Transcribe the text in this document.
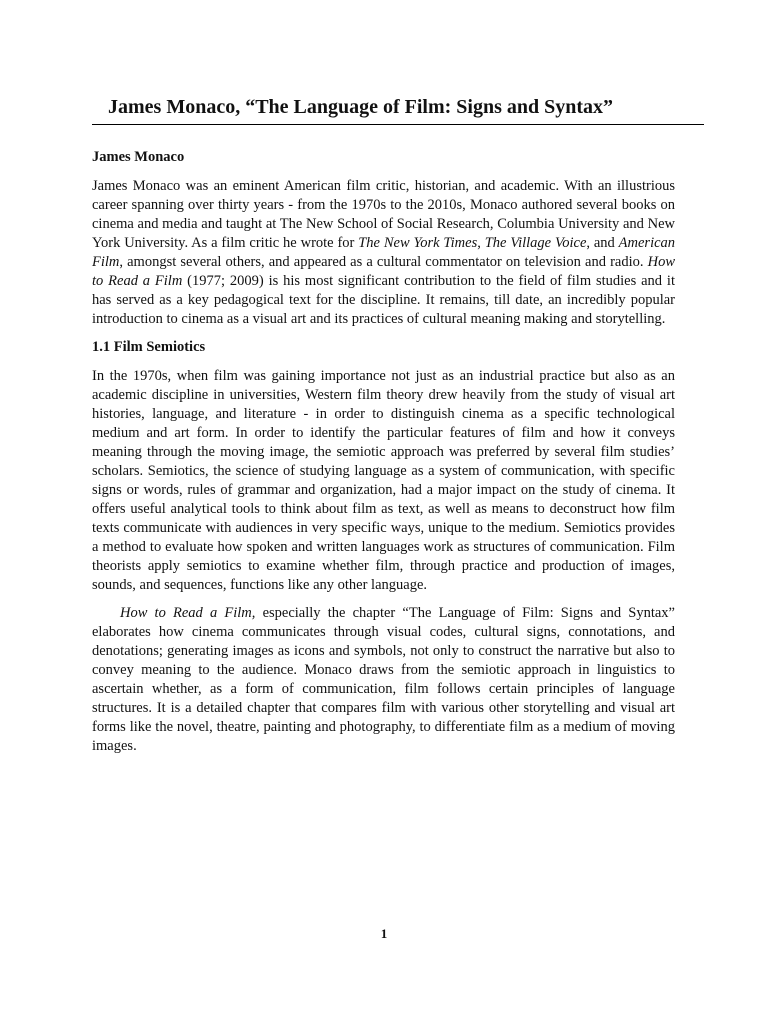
James Monaco, “The Language of Film: Signs and Syntax”
James Monaco

James Monaco was an eminent American film critic, historian, and academic. With an illustrious career spanning over thirty years - from the 1970s to the 2010s, Monaco authored several books on cinema and media and taught at The New School of Social Research, Columbia University and New York University. As a film critic he wrote for The New York Times, The Village Voice, and American Film, amongst several others, and appeared as a cultural commentator on television and radio. How to Read a Film (1977; 2009) is his most significant contribution to the field of film studies and it has served as a key pedagogical text for the discipline. It remains, till date, an incredibly popular introduction to cinema as a visual art and its practices of cultural meaning making and storytelling.

1.1 Film Semiotics

In the 1970s, when film was gaining importance not just as an industrial practice but also as an academic discipline in universities, Western film theory drew heavily from the study of visual art histories, language, and literature - in order to distinguish cinema as a specific technological medium and art form. In order to identify the particular features of film and how it conveys meaning through the moving image, the semiotic approach was preferred by several film studies’ scholars. Semiotics, the science of studying language as a system of communication, with specific signs or words, rules of grammar and organization, had a major impact on the study of cinema. It offers useful analytical tools to think about film as text, as well as means to deconstruct how film texts communicate with audiences in very specific ways, unique to the medium. Semiotics provides a method to evaluate how spoken and written languages work as structures of communication. Film theorists apply semiotics to examine whether film, through practice and production of images, sounds, and sequences, functions like any other language.

How to Read a Film, especially the chapter “The Language of Film: Signs and Syntax” elaborates how cinema communicates through visual codes, cultural signs, connotations, and denotations; generating images as icons and symbols, not only to construct the narrative but also to convey meaning to the audience. Monaco draws from the semiotic approach in linguistics to ascertain whether, as a form of communication, film follows certain principles of language structures. It is a detailed chapter that compares film with various other storytelling and visual art forms like the novel, theatre, painting and photography, to differentiate film as a medium of moving images.

1
